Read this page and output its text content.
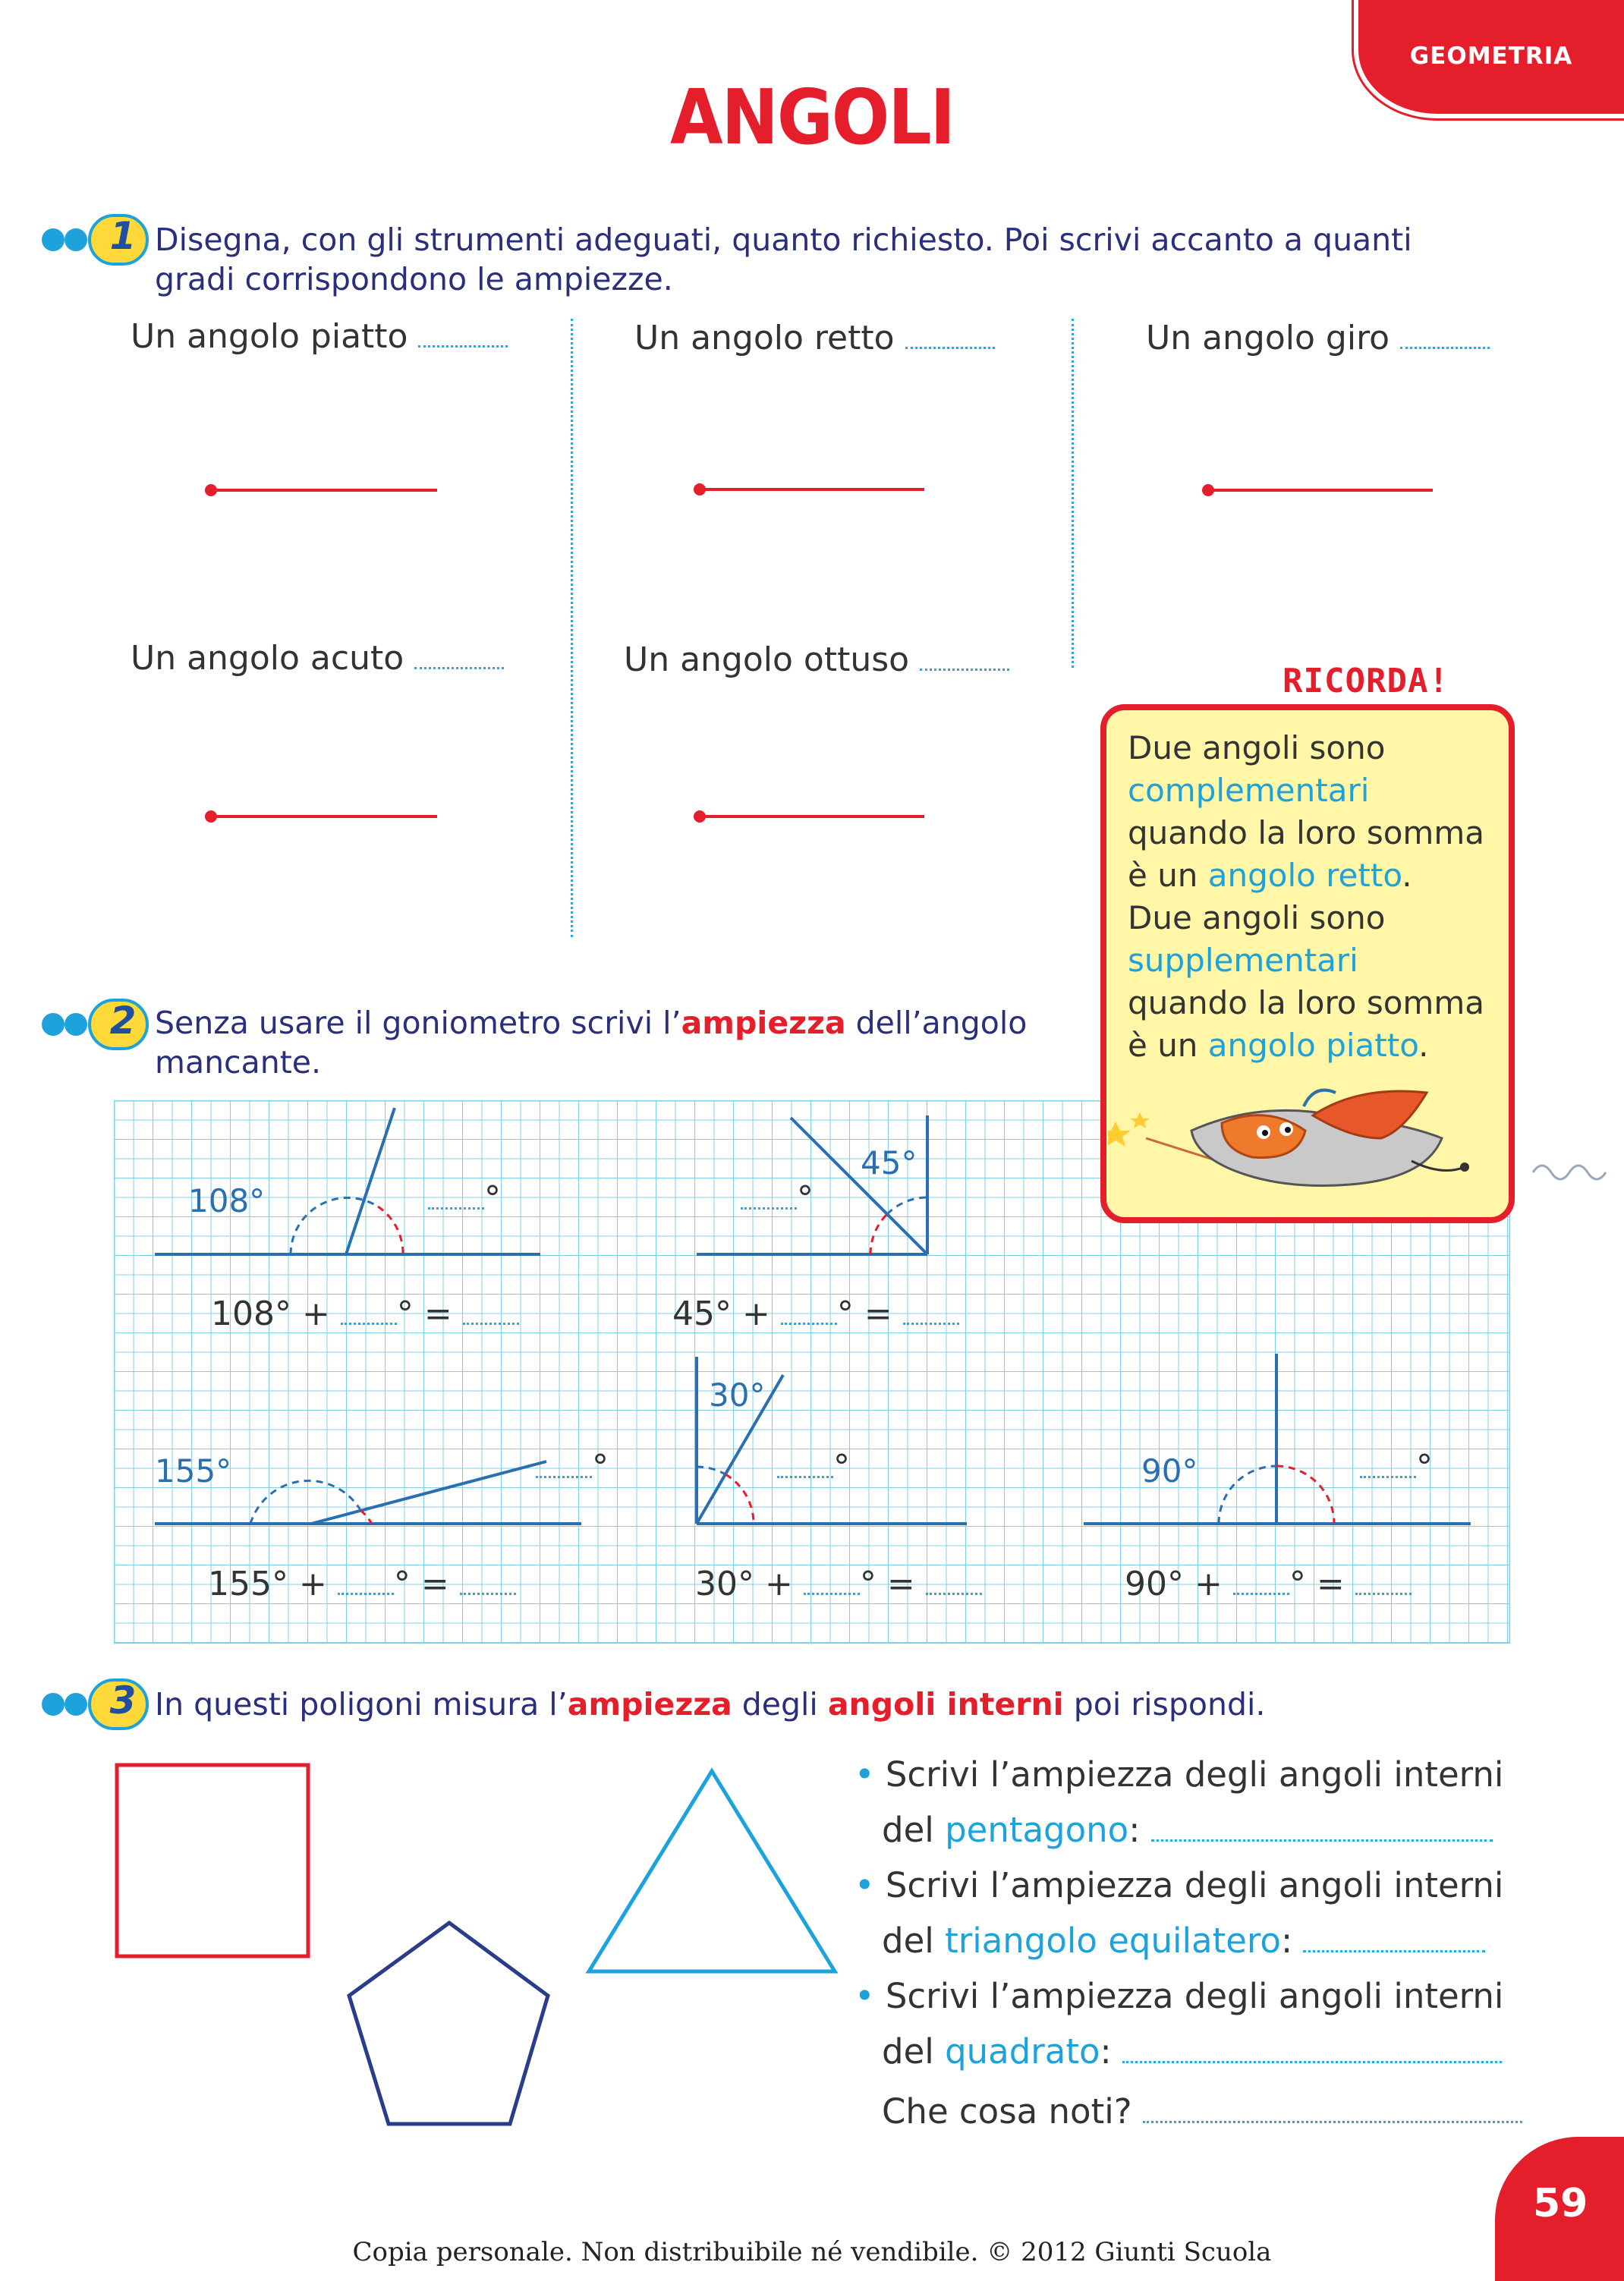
GEOMETRIA
ANGOLI
1 Disegna, con gli strumenti adeguati, quanto richiesto. Poi scrivi accanto a quanti
gradi corrispondono le ampiezze.
Un angolo piatto	Un angolo retto	Un angolo giro
Un angolo acuto	Un angolo ottuso
2 Senza usare il goniometro scrivi l’ampiezza dell’angolo
mancante.
108°
45°
155°
30°
90°
°	°
°	°	°
108° + ° =	45° + ° =
155° + ° =	30° + ° =	90° + ° =
RICORDA!
Due angoli sono
complementari
quando la loro somma
è un angolo retto.
Due angoli sono
supplementari
quando la loro somma
è un angolo piatto.
3 In questi poligoni misura l’ampiezza degli angoli interni poi rispondi.
• Scrivi l’ampiezza degli angoli interni
del pentagono:
• Scrivi l’ampiezza degli angoli interni
del triangolo equilatero:
• Scrivi l’ampiezza degli angoli interni
del quadrato:
Che cosa noti?
Copia personale. Non distribuibile né vendibile. © 2012 Giunti Scuola
59
